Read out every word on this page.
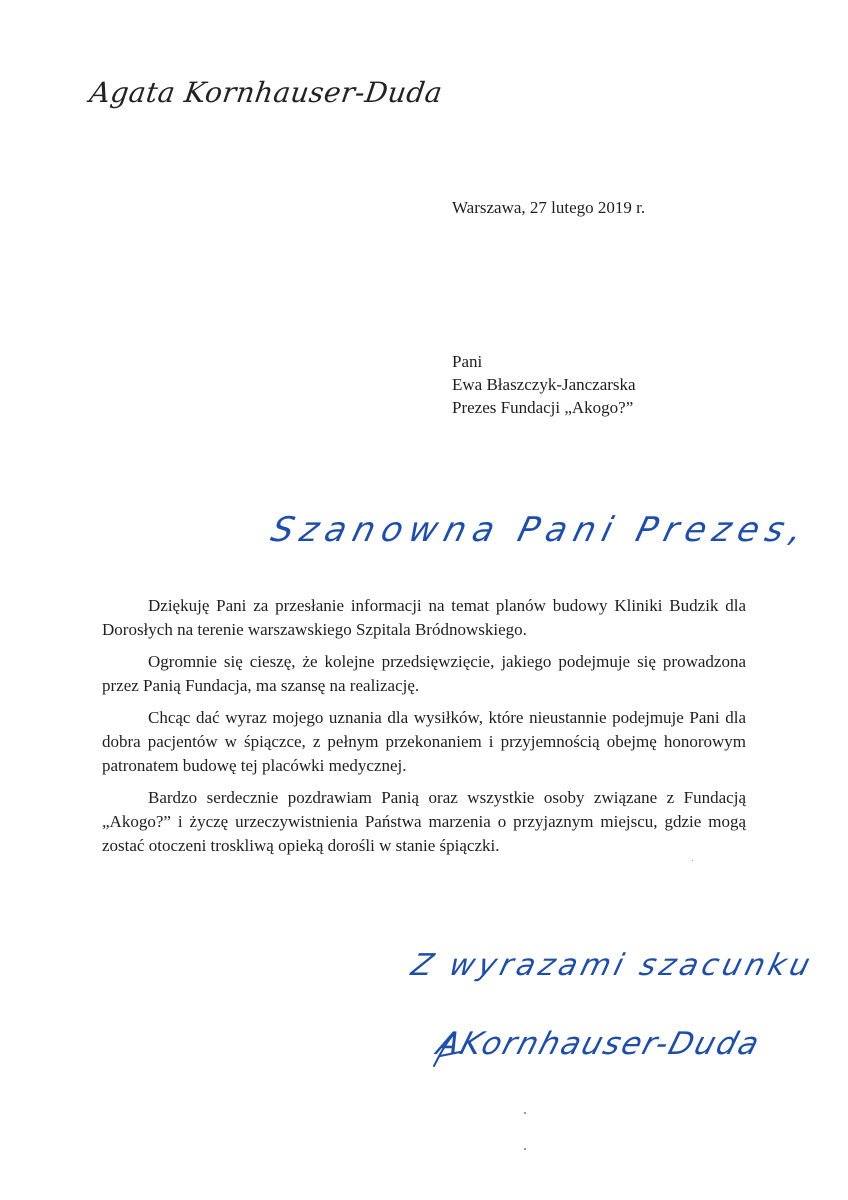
Agata Kornhauser-Duda
Warszawa, 27 lutego 2019 r.
Pani
Ewa Błaszczyk-Janczarska
Prezes Fundacji „Akogo?”
Szanowna Pani Prezes,

Dziękuję Pani za przesłanie informacji na temat planów budowy Kliniki Budzik dla Dorosłych na terenie warszawskiego Szpitala Bródnowskiego.

Ogromnie się cieszę, że kolejne przedsięwzięcie, jakiego podejmuje się prowadzona przez Panią Fundacja, ma szansę na realizację.

Chcąc dać wyraz mojego uznania dla wysiłków, które nieustannie podejmuje Pani dla dobra pacjentów w śpiączce, z pełnym przekonaniem i przyjemnością obejmę honorowym patronatem budowę tej placówki medycznej.

Bardzo serdecznie pozdrawiam Panią oraz wszystkie osoby związane z Fundacją „Akogo?” i życzę urzeczywistnienia Państwa marzenia o przyjaznym miejscu, gdzie mogą zostać otoczeni troskliwą opieką dorośli w stanie śpiączki.

Z wyrazami szacunku
AKornhauser-Duda
